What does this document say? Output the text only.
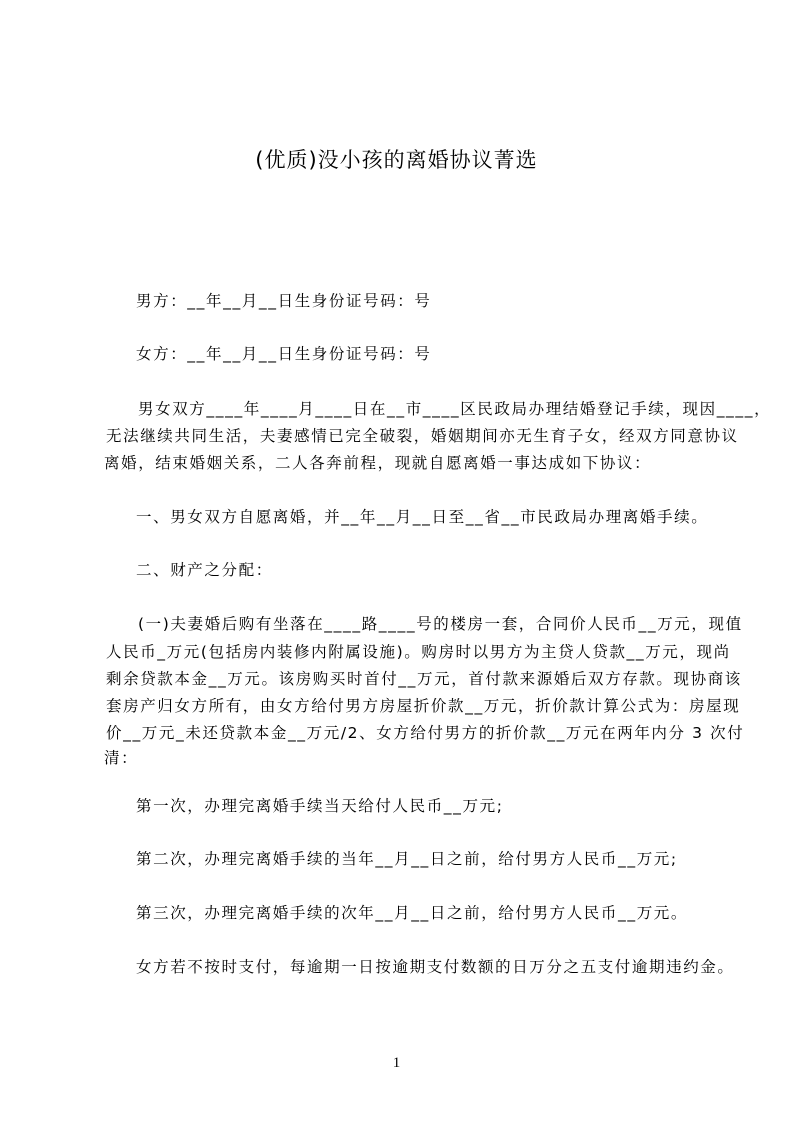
(优质)没小孩的离婚协议菁选
男方：__年__月__日生身份证号码：号
女方：__年__月__日生身份证号码：号
男女双方____年____月____日在__市____区民政局办理结婚登记手续，现因____，
无法继续共同生活，夫妻感情已完全破裂，婚姻期间亦无生育子女，经双方同意协议
离婚，结束婚姻关系，二人各奔前程，现就自愿离婚一事达成如下协议：
一、男女双方自愿离婚，并__年__月__日至__省__市民政局办理离婚手续。
二、财产之分配：
(一)夫妻婚后购有坐落在____路____号的楼房一套，合同价人民币__万元，现值
人民币_万元(包括房内装修内附属设施)。购房时以男方为主贷人贷款__万元，现尚
剩余贷款本金__万元。该房购买时首付__万元，首付款来源婚后双方存款。现协商该
套房产归女方所有，由女方给付男方房屋折价款__万元，折价款计算公式为：房屋现
价__万元_未还贷款本金__万元/2、女方给付男方的折价款__万元在两年内分 3 次付
清：
第一次，办理完离婚手续当天给付人民币__万元;
第二次，办理完离婚手续的当年__月__日之前，给付男方人民币__万元;
第三次，办理完离婚手续的次年__月__日之前，给付男方人民币__万元。
女方若不按时支付，每逾期一日按逾期支付数额的日万分之五支付逾期违约金。
1
